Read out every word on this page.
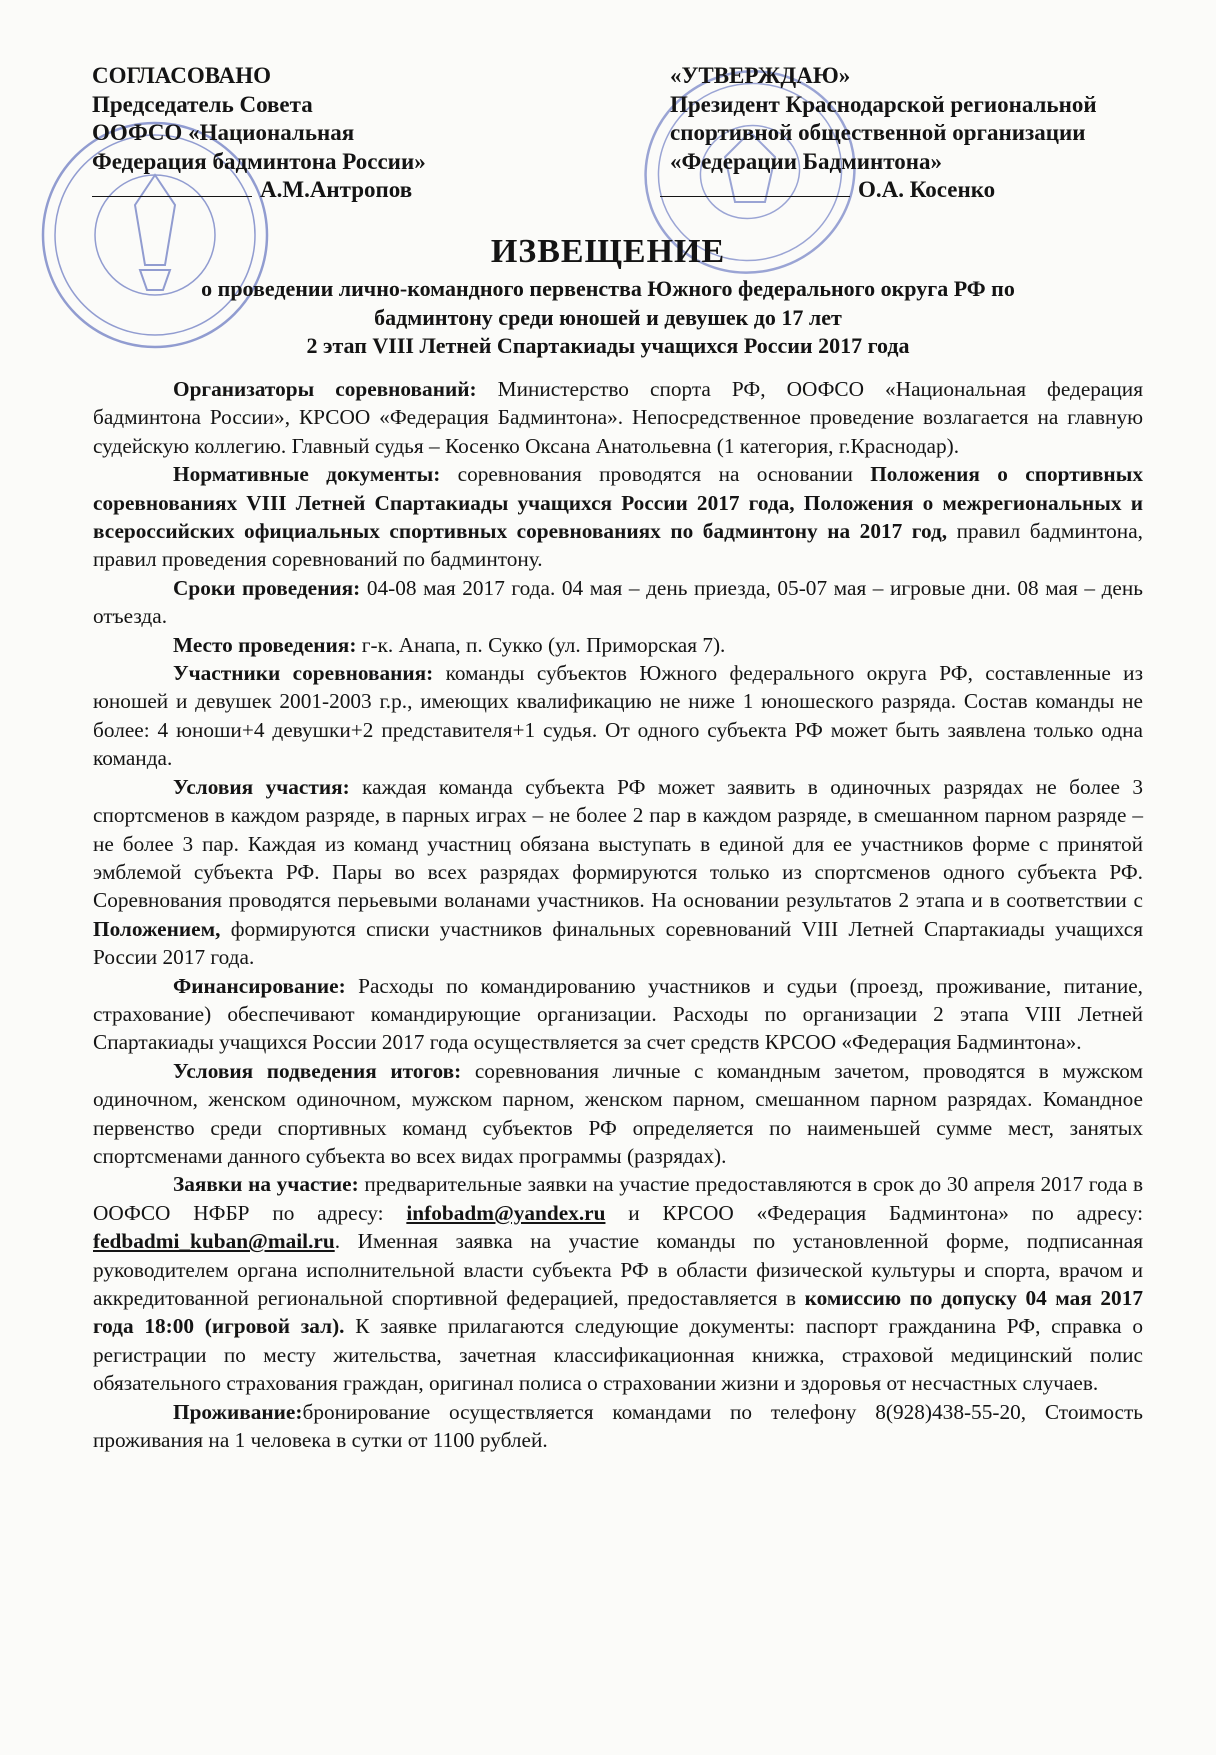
СОГЛАСОВАНО
Председатель Совета
ООФСО «Национальная
Федерация бадминтона России»
А.М.Антропов
«УТВЕРЖДАЮ»
Президент Краснодарской региональной
спортивной общественной организации
«Федерации Бадминтона»
О.А. Косенко
ИЗВЕЩЕНИЕ
о проведении лично-командного первенства Южного федерального округа РФ по
бадминтону среди юношей и девушек до 17 лет
2 этап VIII Летней Спартакиады учащихся России 2017 года

Организаторы соревнований: Министерство спорта РФ, ООФСО «Национальная федерация бадминтона России», КРСОО «Федерация Бадминтона». Непосредственное проведение возлагается на главную судейскую коллегию. Главный судья – Косенко Оксана Анатольевна (1 категория, г.Краснодар).

Нормативные документы: соревнования проводятся на основании Положения о спортивных соревнованиях VIII Летней Спартакиады учащихся России 2017 года, Положения о межрегиональных и всероссийских официальных спортивных соревнованиях по бадминтону на 2017 год, правил бадминтона, правил проведения соревнований по бадминтону.

Сроки проведения: 04-08 мая 2017 года. 04 мая – день приезда, 05-07 мая – игровые дни. 08 мая – день отъезда.

Место проведения: г-к. Анапа, п. Сукко (ул. Приморская 7).

Участники соревнования: команды субъектов Южного федерального округа РФ, составленные из юношей и девушек 2001-2003 г.р., имеющих квалификацию не ниже 1 юношеского разряда. Состав команды не более: 4 юноши+4 девушки+2 представителя+1 судья. От одного субъекта РФ может быть заявлена только одна команда.

Условия участия: каждая команда субъекта РФ может заявить в одиночных разрядах не более 3 спортсменов в каждом разряде, в парных играх – не более 2 пар в каждом разряде, в смешанном парном разряде – не более 3 пар. Каждая из команд участниц обязана выступать в единой для ее участников форме с принятой эмблемой субъекта РФ. Пары во всех разрядах формируются только из спортсменов одного субъекта РФ. Соревнования проводятся перьевыми воланами участников. На основании результатов 2 этапа и в соответствии с Положением, формируются списки участников финальных соревнований VIII Летней Спартакиады учащихся России 2017 года.

Финансирование: Расходы по командированию участников и судьи (проезд, проживание, питание, страхование) обеспечивают командирующие организации. Расходы по организации 2 этапа VIII Летней Спартакиады учащихся России 2017 года осуществляется за счет средств КРСОО «Федерация Бадминтона».

Условия подведения итогов: соревнования личные с командным зачетом, проводятся в мужском одиночном, женском одиночном, мужском парном, женском парном, смешанном парном разрядах. Командное первенство среди спортивных команд субъектов РФ определяется по наименьшей сумме мест, занятых спортсменами данного субъекта во всех видах программы (разрядах).

Заявки на участие: предварительные заявки на участие предоставляются в срок до 30 апреля 2017 года в ООФСО НФБР по адресу: infobadm@yandex.ru и КРСОО «Федерация Бадминтона» по адресу: fedbadmi_kuban@mail.ru. Именная заявка на участие команды по установленной форме, подписанная руководителем органа исполнительной власти субъекта РФ в области физической культуры и спорта, врачом и аккредитованной региональной спортивной федерацией, предоставляется в комиссию по допуску 04 мая 2017 года 18:00 (игровой зал). К заявке прилагаются следующие документы: паспорт гражданина РФ, справка о регистрации по месту жительства, зачетная классификационная книжка, страховой медицинский полис обязательного страхования граждан, оригинал полиса о страховании жизни и здоровья от несчастных случаев.

Проживание:бронирование осуществляется командами по телефону 8(928)438-55-20, Стоимость проживания на 1 человека в сутки от 1100 рублей.
